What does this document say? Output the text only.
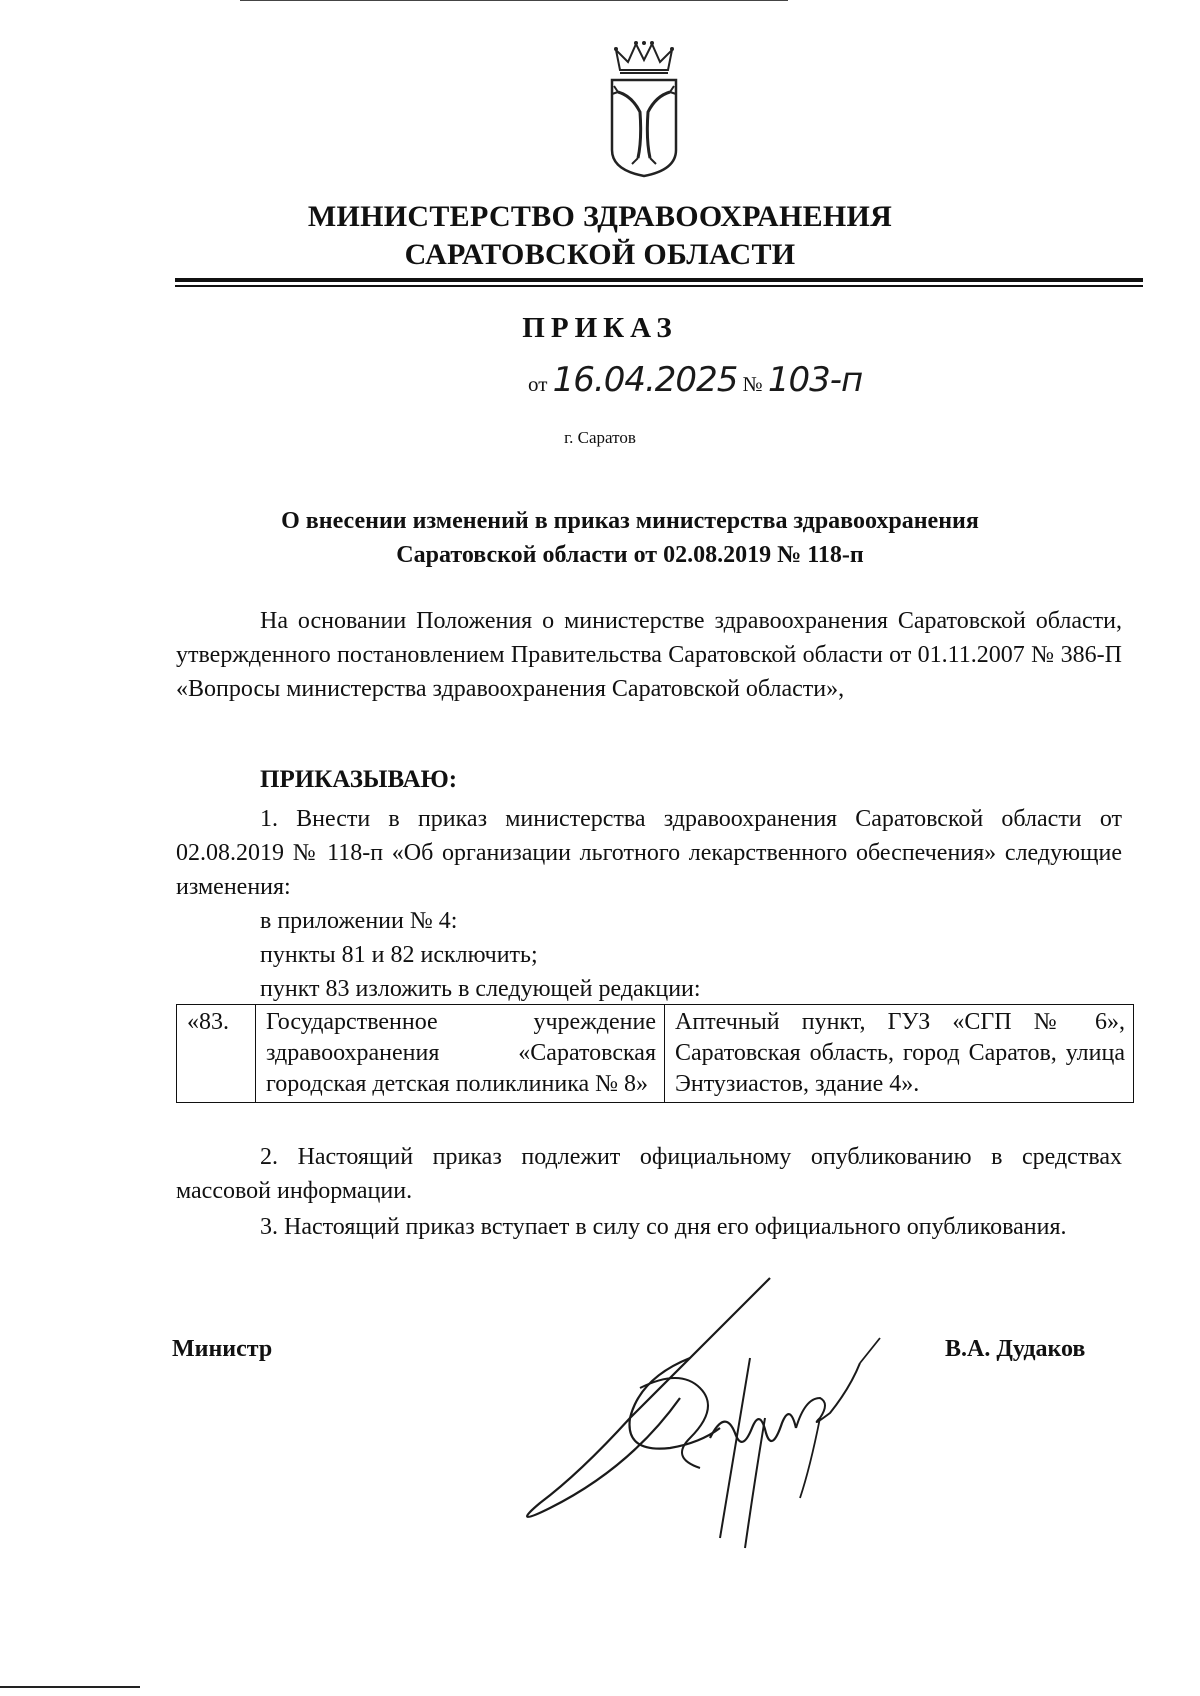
МИНИСТЕРСТВО ЗДРАВООХРАНЕНИЯ
САРАТОВСКОЙ ОБЛАСТИ
ПРИКАЗ
от 16.04.2025 № 103-п
г. Саратов
О внесении изменений в приказ министерства здравоохранения
Саратовской области от 02.08.2019 № 118-п
На основании Положения о министерстве здравоохранения Саратовской области, утвержденного постановлением Правительства Саратовской области от 01.11.2007 № 386-П «Вопросы министерства здравоохранения Саратовской области»,
ПРИКАЗЫВАЮ:
1. Внести в приказ министерства здравоохранения Саратовской области от 02.08.2019 № 118-п «Об организации льготного лекарственного обеспечения» следующие изменения:
в приложении № 4:
пункты 81 и 82 исключить;
пункт 83 изложить в следующей редакции:
«83.	Государственное учреждение здравоохранения «Саратовская городская детская поликлиника № 8»	Аптечный пункт, ГУЗ «СГП № 6», Саратовская область, город Саратов, улица Энтузиастов, здание 4».
2. Настоящий приказ подлежит официальному опубликованию в средствах массовой информации.
3. Настоящий приказ вступает в силу со дня его официального опубликования.
Министр	В.А. Дудаков
